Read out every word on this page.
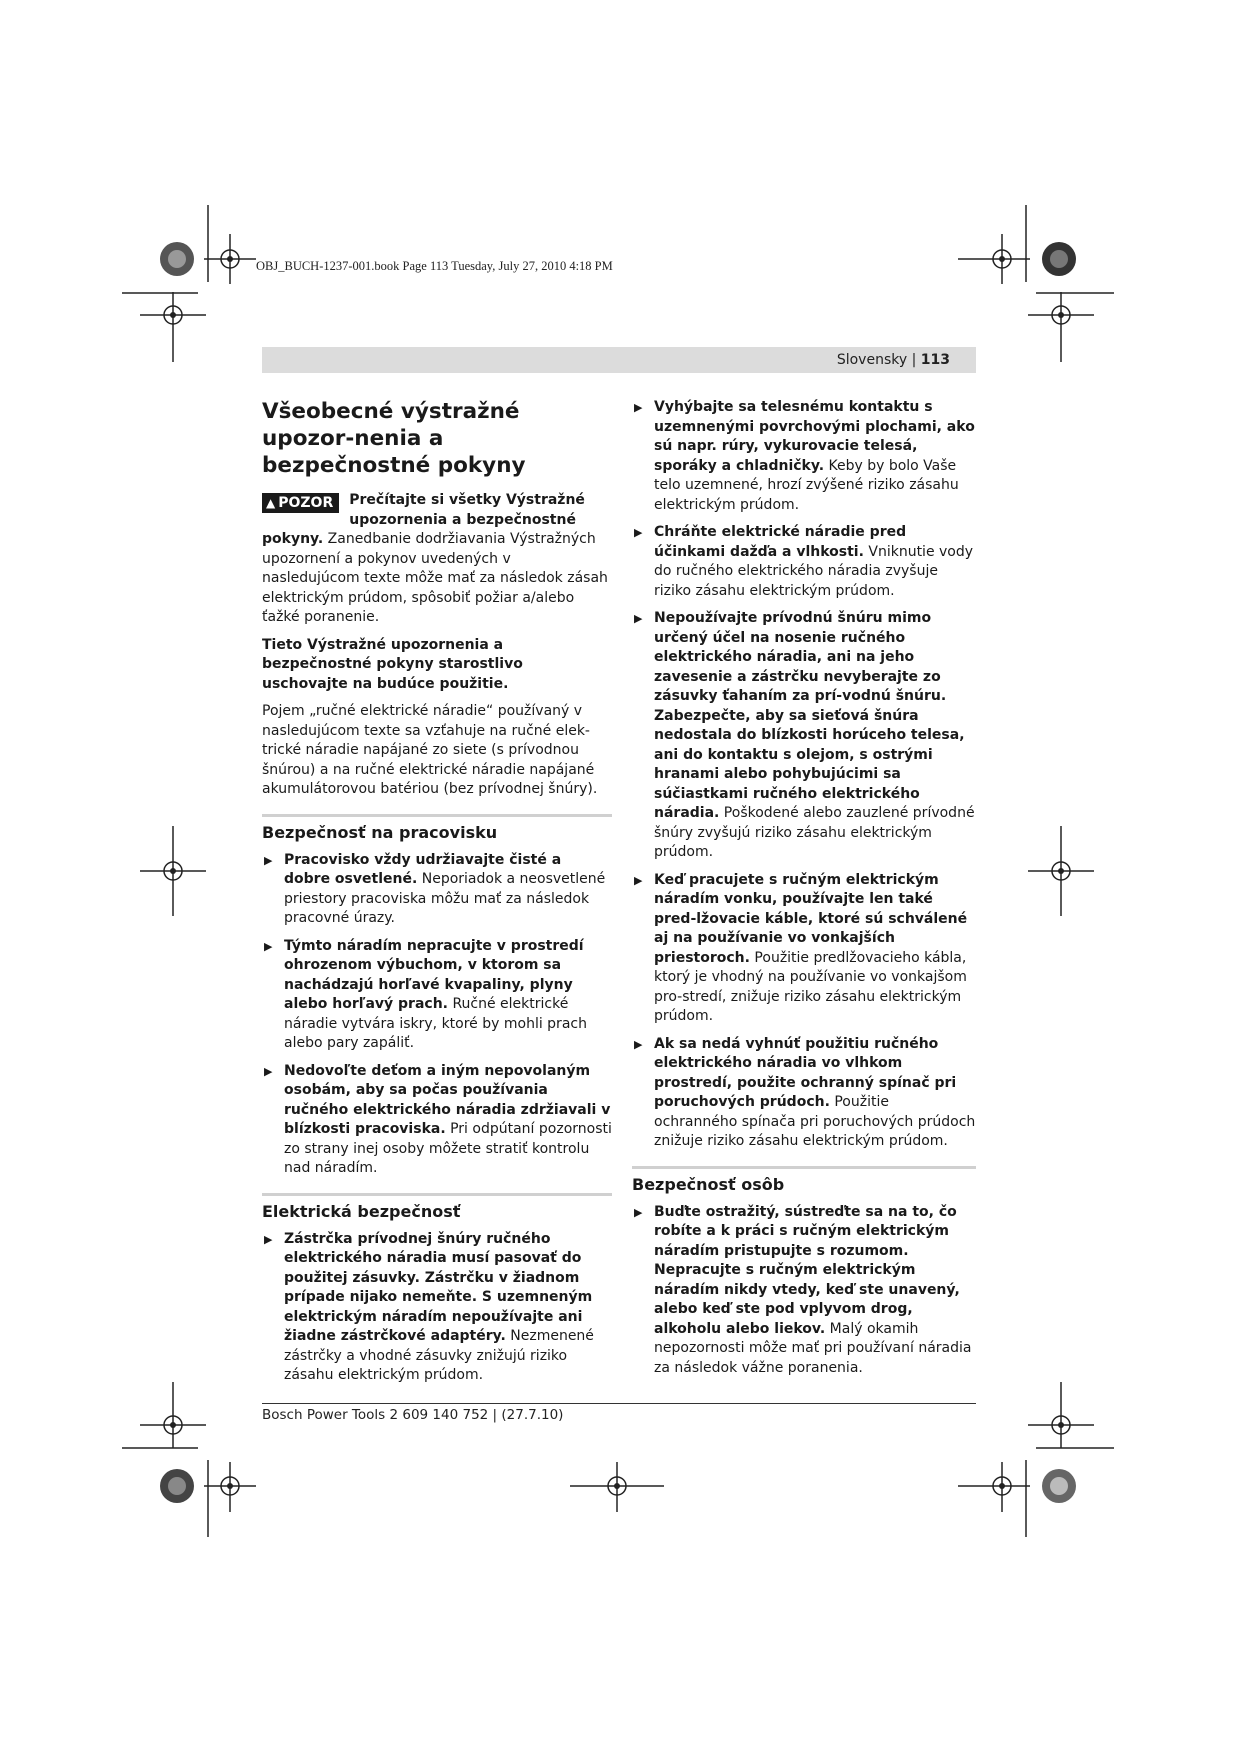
OBJ_BUCH-1237-001.book Page 113 Tuesday, July 27, 2010 4:18 PM
Slovensky | 113
Všeobecné výstražné upozor-nenia a bezpečnostné pokyny

▲ POZOR	Prečítajte si všetky Výstražné upozornenia a bezpečnostné pokyny. Zanedbanie dodržiavania Výstražných upozornení a pokynov uvedených v nasledujúcom texte môže mať za následok zásah elektrickým prúdom, spôsobiť požiar a/alebo ťažké poranenie.

Tieto Výstražné upozornenia a bezpečnostné pokyny starostlivo uschovajte na budúce použitie.

Pojem „ručné elektrické náradie“ používaný v nasledujúcom texte sa vzťahuje na ručné elek-trické náradie napájané zo siete (s prívodnou šnúrou) a na ručné elektrické náradie napájané akumulátorovou batériou (bez prívodnej šnúry).

Bezpečnosť na pracovisku
▶ Pracovisko vždy udržiavajte čisté a dobre osvetlené. Neporiadok a neosvetlené priestory pracoviska môžu mať za následok pracovné úrazy.
▶ Týmto náradím nepracujte v prostredí ohrozenom výbuchom, v ktorom sa nachádzajú horľavé kvapaliny, plyny alebo horľavý prach. Ručné elektrické náradie vytvára iskry, ktoré by mohli prach alebo pary zapáliť.
▶ Nedovoľte deťom a iným nepovolaným osobám, aby sa počas používania ručného elektrického náradia zdržiavali v blízkosti pracoviska. Pri odpútaní pozornosti zo strany inej osoby môžete stratiť kontrolu nad náradím.
Elektrická bezpečnosť
▶ Zástrčka prívodnej šnúry ručného elektrického náradia musí pasovať do použitej zásuvky. Zástrčku v žiadnom prípade nijako nemeňte. S uzemneným elektrickým náradím nepoužívajte ani žiadne zástrčkové adaptéry. Nezmenené zástrčky a vhodné zásuvky znižujú riziko zásahu elektrickým prúdom.
▶ Vyhýbajte sa telesnému kontaktu s uzemnenými povrchovými plochami, ako sú napr. rúry, vykurovacie telesá, sporáky a chladničky. Keby by bolo Vaše telo uzemnené, hrozí zvýšené riziko zásahu elektrickým prúdom.
▶ Chráňte elektrické náradie pred účinkami dažďa a vlhkosti. Vniknutie vody do ručného elektrického náradia zvyšuje riziko zásahu elektrickým prúdom.
▶ Nepoužívajte prívodnú šnúru mimo určený účel na nosenie ručného elektrického náradia, ani na jeho zavesenie a zástrčku nevyberajte zo zásuvky ťahaním za prí-vodnú šnúru. Zabezpečte, aby sa sieťová šnúra nedostala do blízkosti horúceho telesa, ani do kontaktu s olejom, s ostrými hranami alebo pohybujúcimi sa súčiastkami ručného elektrického náradia. Poškodené alebo zauzlené prívodné šnúry zvyšujú riziko zásahu elektrickým prúdom.
▶ Keď pracujete s ručným elektrickým náradím vonku, používajte len také pred-lžovacie káble, ktoré sú schválené aj na používanie vo vonkajších priestoroch. Použitie predlžovacieho kábla, ktorý je vhodný na používanie vo vonkajšom pro-stredí, znižuje riziko zásahu elektrickým prúdom.
▶ Ak sa nedá vyhnúť použitiu ručného elektrického náradia vo vlhkom prostredí, použite ochranný spínač pri poruchových prúdoch. Použitie ochranného spínača pri poruchových prúdoch znižuje riziko zásahu elektrickým prúdom.
Bezpečnosť osôb
▶ Buďte ostražitý, sústreďte sa na to, čo robíte a k práci s ručným elektrickým náradím pristupujte s rozumom. Nepracujte s ručným elektrickým náradím nikdy vtedy, keď ste unavený, alebo keď ste pod vplyvom drog, alkoholu alebo liekov. Malý okamih nepozornosti môže mať pri používaní náradia za následok vážne poranenia.
Bosch Power Tools 2 609 140 752 | (27.7.10)
